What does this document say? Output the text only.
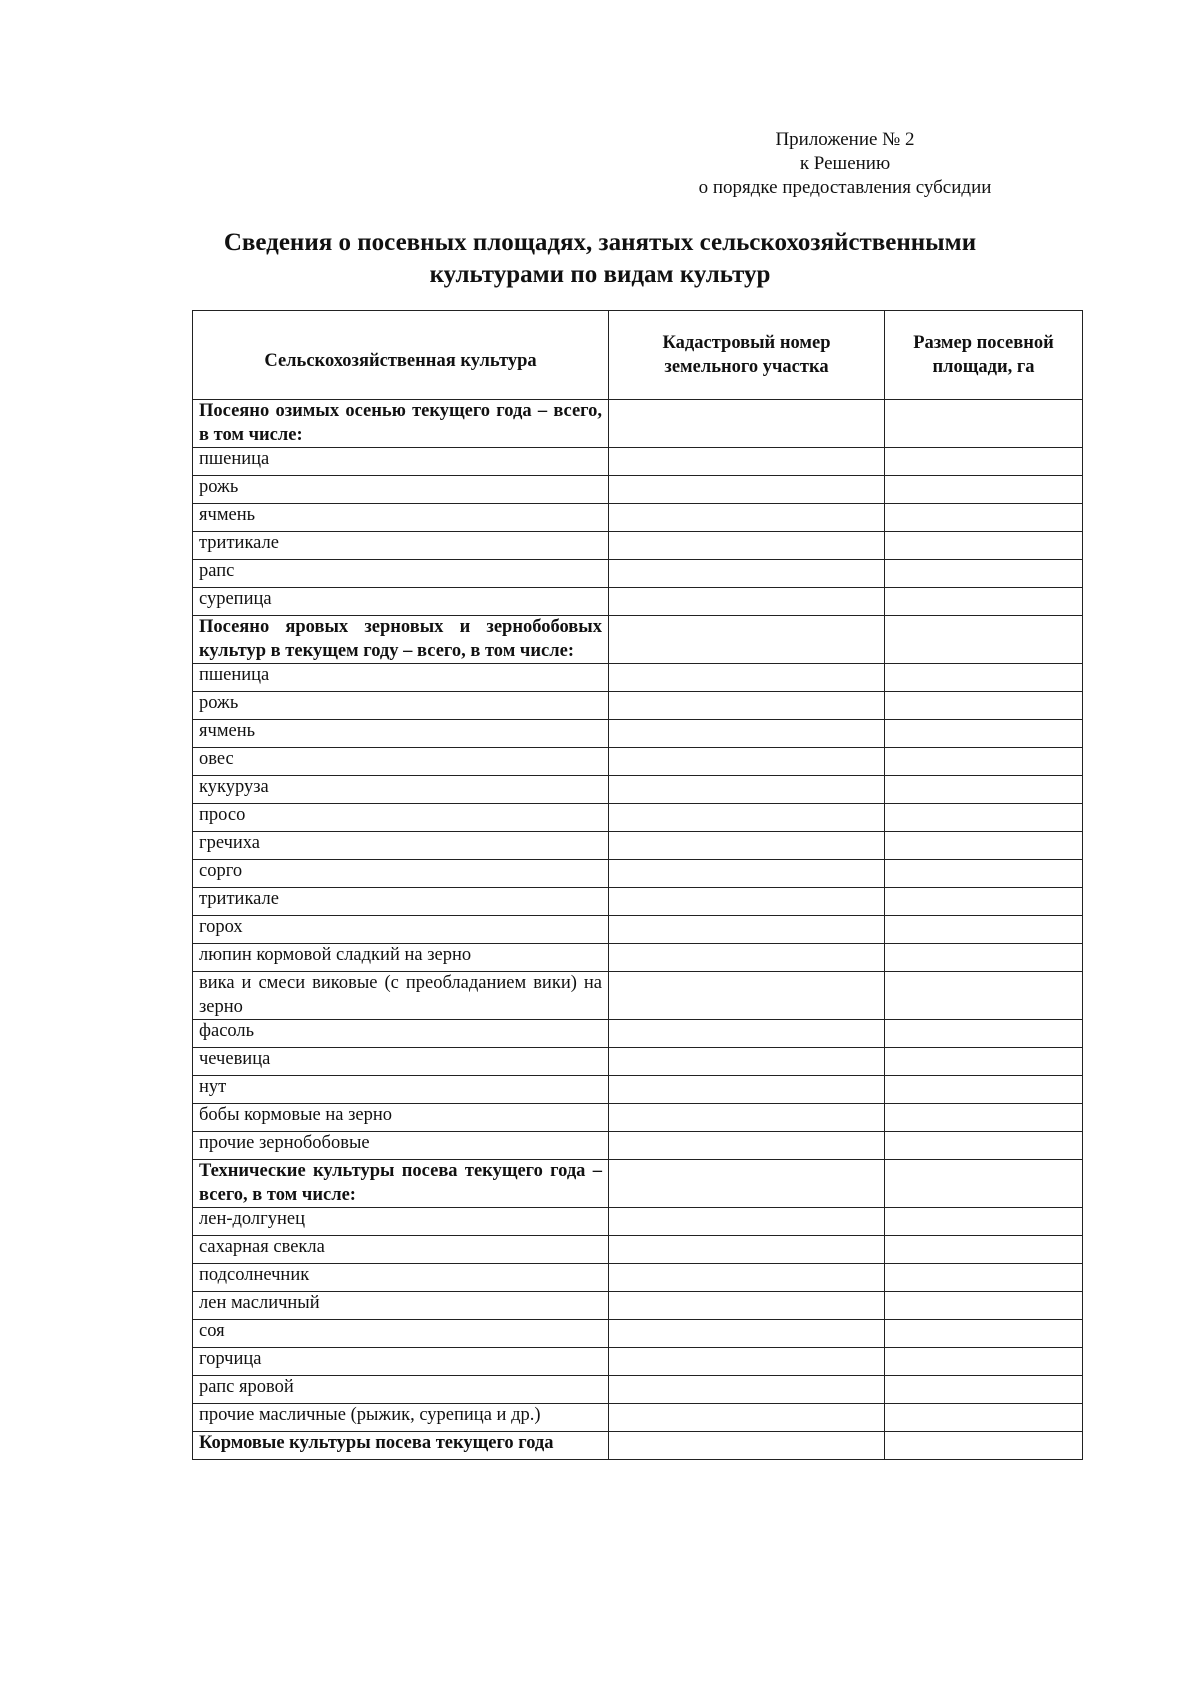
Приложение № 2
к Решению
о порядке предоставления субсидии
Сведения о посевных площадях, занятых сельскохозяйственными
культурами по видам культур
Сельскохозяйственная культура	Кадастровый номер земельного участка	Размер посевной площади, га
Посеяно озимых осенью текущего года – всего, в том числе:		
пшеница		
рожь		
ячмень		
тритикале		
рапс		
сурепица		
Посеяно яровых зерновых и зернобобовых культур в текущем году – всего, в том числе:		
пшеница		
рожь		
ячмень		
овес		
кукуруза		
просо		
гречиха		
сорго		
тритикале		
горох		
люпин кормовой сладкий на зерно		
вика и смеси виковые (с преобладанием вики) на зерно		
фасоль		
чечевица		
нут		
бобы кормовые на зерно		
прочие зернобобовые		
Технические культуры посева текущего года – всего, в том числе:		
лен-долгунец		
сахарная свекла		
подсолнечник		
лен масличный		
соя		
горчица		
рапс яровой		
прочие масличные (рыжик, сурепица и др.)		
Кормовые культуры посева текущего года		
